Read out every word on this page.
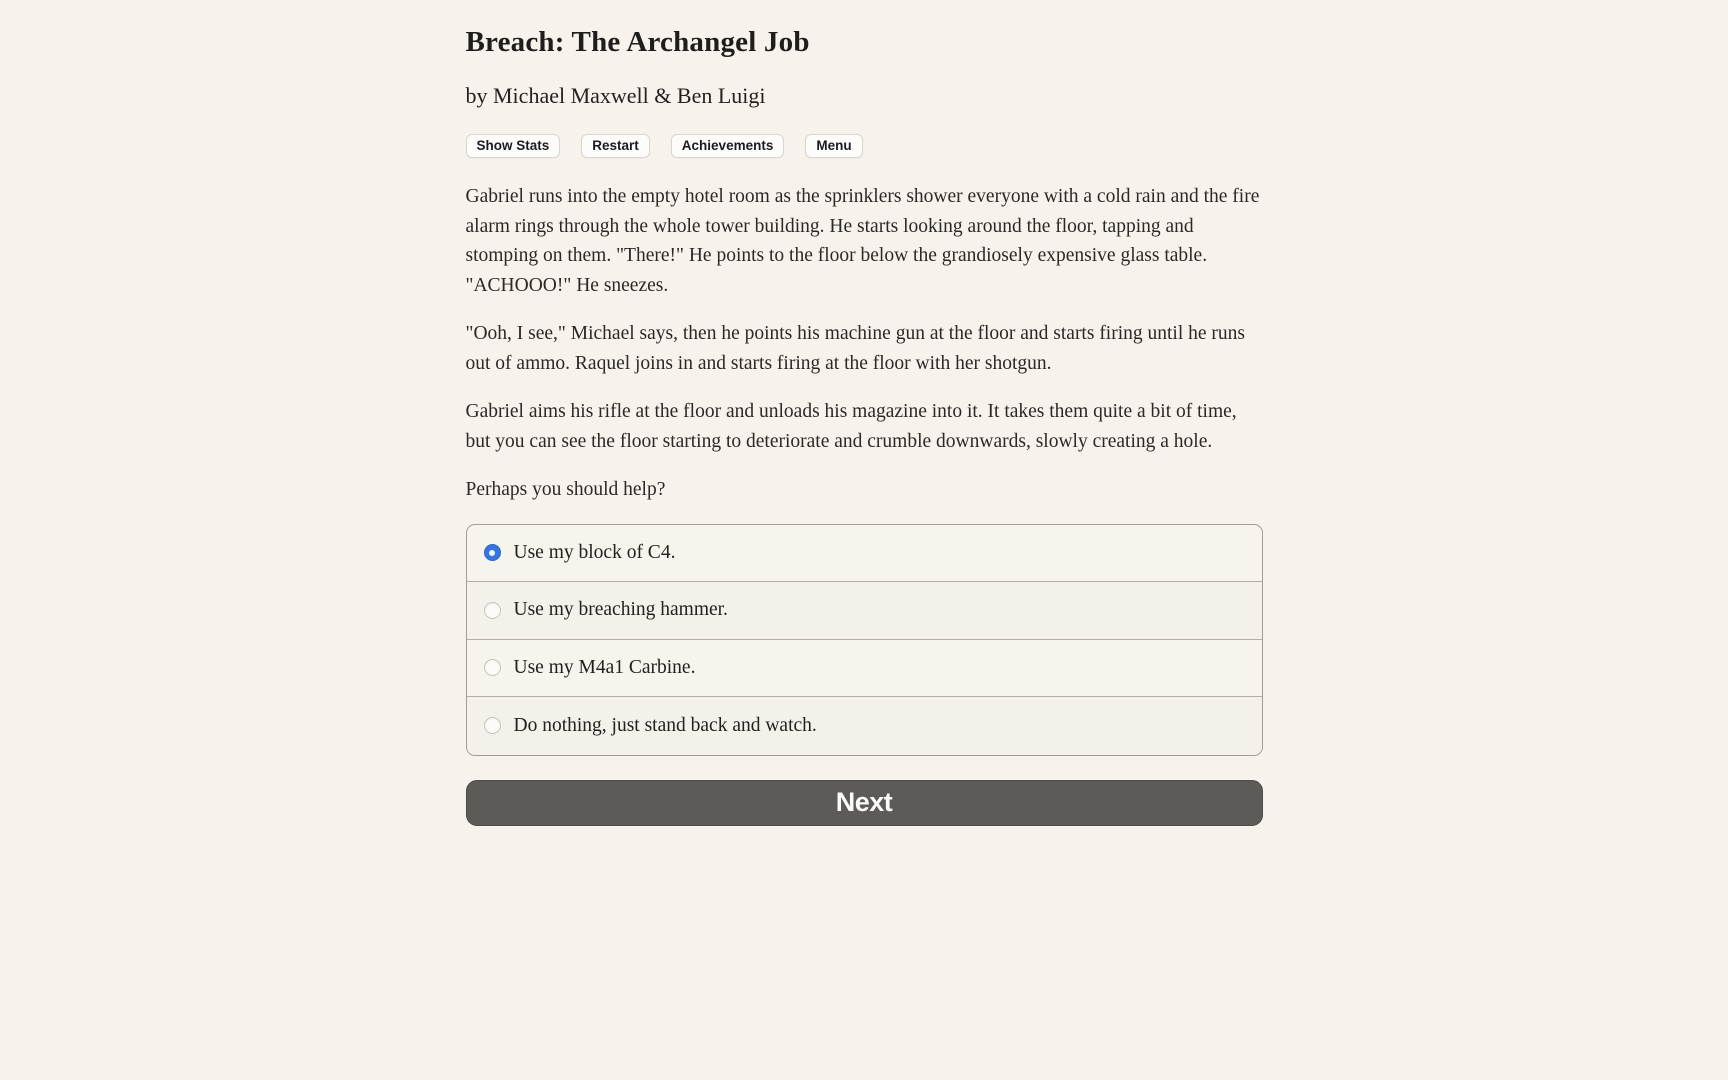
Breach: The Archangel Job
by Michael Maxwell & Ben Luigi
Show Stats	Restart	Achievements	Menu

Gabriel runs into the empty hotel room as the sprinklers shower everyone with a cold rain and the fire alarm rings through the whole tower building. He starts looking around the floor, tapping and stomping on them. "There!" He points to the floor below the grandiosely expensive glass table. "ACHOOO!" He sneezes.

"Ooh, I see," Michael says, then he points his machine gun at the floor and starts firing until he runs out of ammo. Raquel joins in and starts firing at the floor with her shotgun.

Gabriel aims his rifle at the floor and unloads his magazine into it. It takes them quite a bit of time, but you can see the floor starting to deteriorate and crumble downwards, slowly creating a hole.

Perhaps you should help?

Use my block of C4.
Use my breaching hammer.
Use my M4a1 Carbine.
Do nothing, just stand back and watch.
Next
